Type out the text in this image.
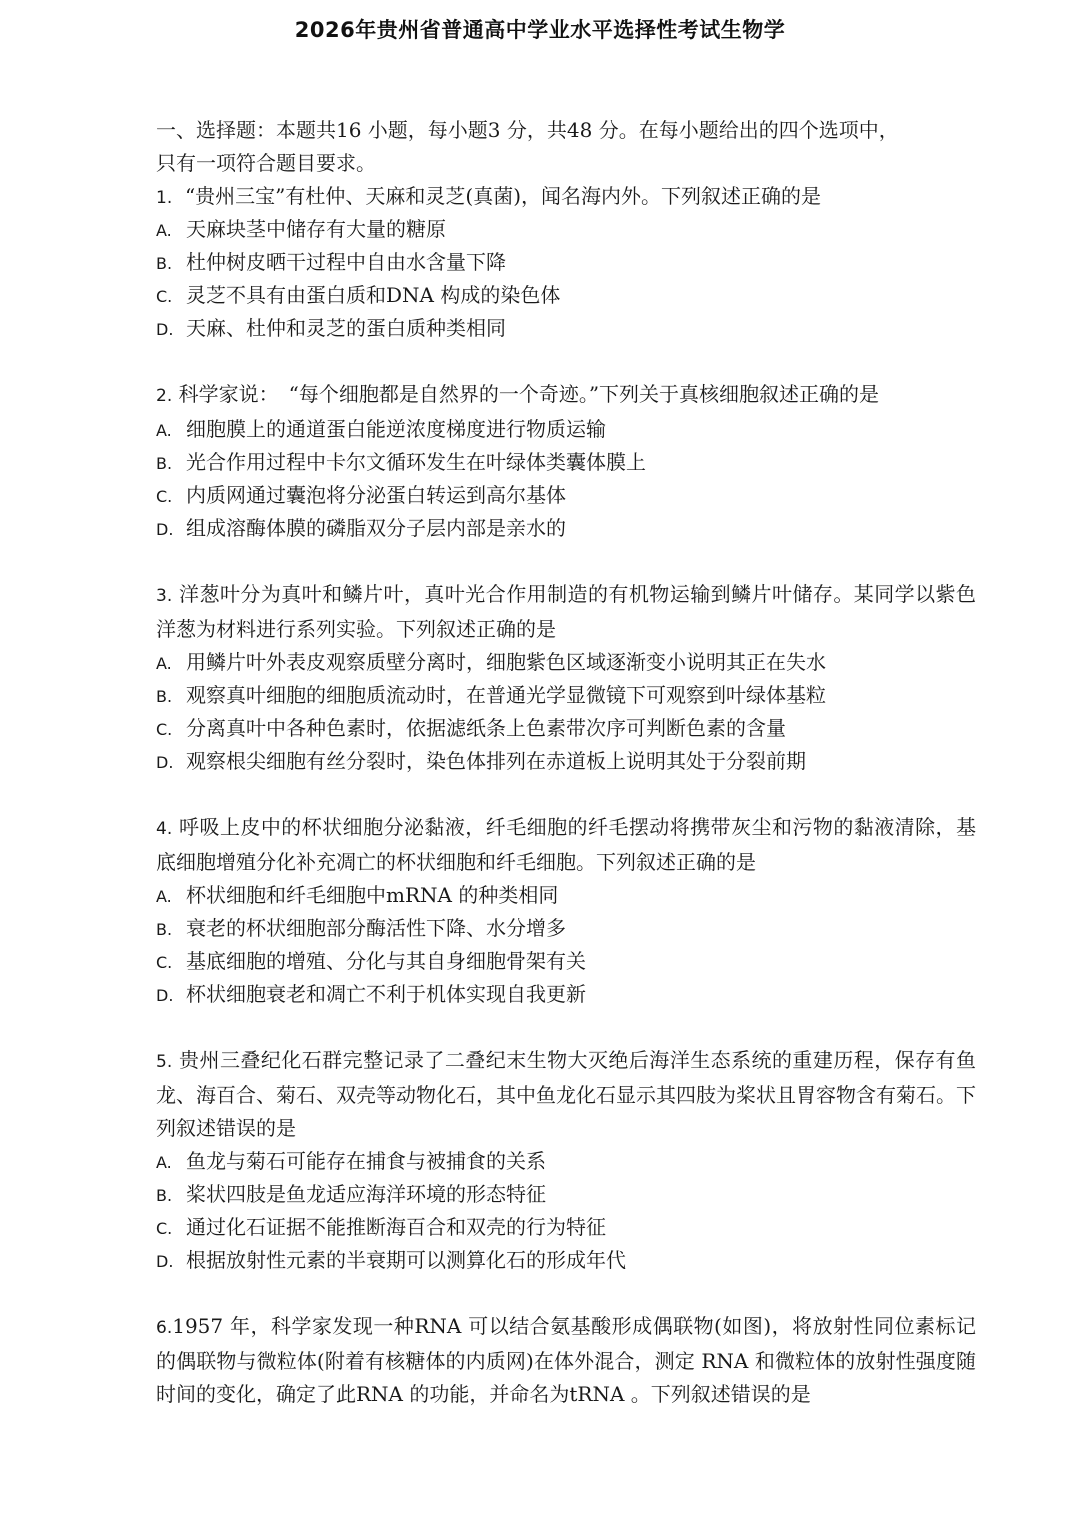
2026年贵州省普通高中学业水平选择性考试生物学
一、选择题：本题共16 小题，每小题3 分，共48 分。在每小题给出的四个选项中，
只有一项符合题目要求。
1. “贵州三宝”有杜仲、天麻和灵芝(真菌)，闻名海内外。下列叙述正确的是
A. 天麻块茎中储存有大量的糖原
B. 杜仲树皮晒干过程中自由水含量下降
C. 灵芝不具有由蛋白质和DNA 构成的染色体
D. 天麻、杜仲和灵芝的蛋白质种类相同
2. 科学家说：　“每个细胞都是自然界的一个奇迹。”下列关于真核细胞叙述正确的是
A. 细胞膜上的通道蛋白能逆浓度梯度进行物质运输
B. 光合作用过程中卡尔文循环发生在叶绿体类囊体膜上
C. 内质网通过囊泡将分泌蛋白转运到高尔基体
D. 组成溶酶体膜的磷脂双分子层内部是亲水的
3. 洋葱叶分为真叶和鳞片叶，真叶光合作用制造的有机物运输到鳞片叶储存。某同学以紫色洋葱为材料进行系列实验。下列叙述正确的是
A. 用鳞片叶外表皮观察质壁分离时，细胞紫色区域逐渐变小说明其正在失水
B. 观察真叶细胞的细胞质流动时，在普通光学显微镜下可观察到叶绿体基粒
C. 分离真叶中各种色素时，依据滤纸条上色素带次序可判断色素的含量
D. 观察根尖细胞有丝分裂时，染色体排列在赤道板上说明其处于分裂前期
4. 呼吸上皮中的杯状细胞分泌黏液，纤毛细胞的纤毛摆动将携带灰尘和污物的黏液清除，基底细胞增殖分化补充凋亡的杯状细胞和纤毛细胞。下列叙述正确的是
A. 杯状细胞和纤毛细胞中mRNA 的种类相同
B. 衰老的杯状细胞部分酶活性下降、水分增多
C. 基底细胞的增殖、分化与其自身细胞骨架有关
D. 杯状细胞衰老和凋亡不利于机体实现自我更新
5. 贵州三叠纪化石群完整记录了二叠纪末生物大灭绝后海洋生态系统的重建历程，保存有鱼龙、海百合、菊石、双壳等动物化石，其中鱼龙化石显示其四肢为桨状且胃容物含有菊石。下列叙述错误的是
A. 鱼龙与菊石可能存在捕食与被捕食的关系
B. 桨状四肢是鱼龙适应海洋环境的形态特征
C. 通过化石证据不能推断海百合和双壳的行为特征
D. 根据放射性元素的半衰期可以测算化石的形成年代
6.1957 年，科学家发现一种RNA 可以结合氨基酸形成偶联物(如图)，将放射性同位素标记的偶联物与微粒体(附着有核糖体的内质网)在体外混合，测定 RNA 和微粒体的放射性强度随时间的变化，确定了此RNA 的功能，并命名为tRNA 。下列叙述错误的是
